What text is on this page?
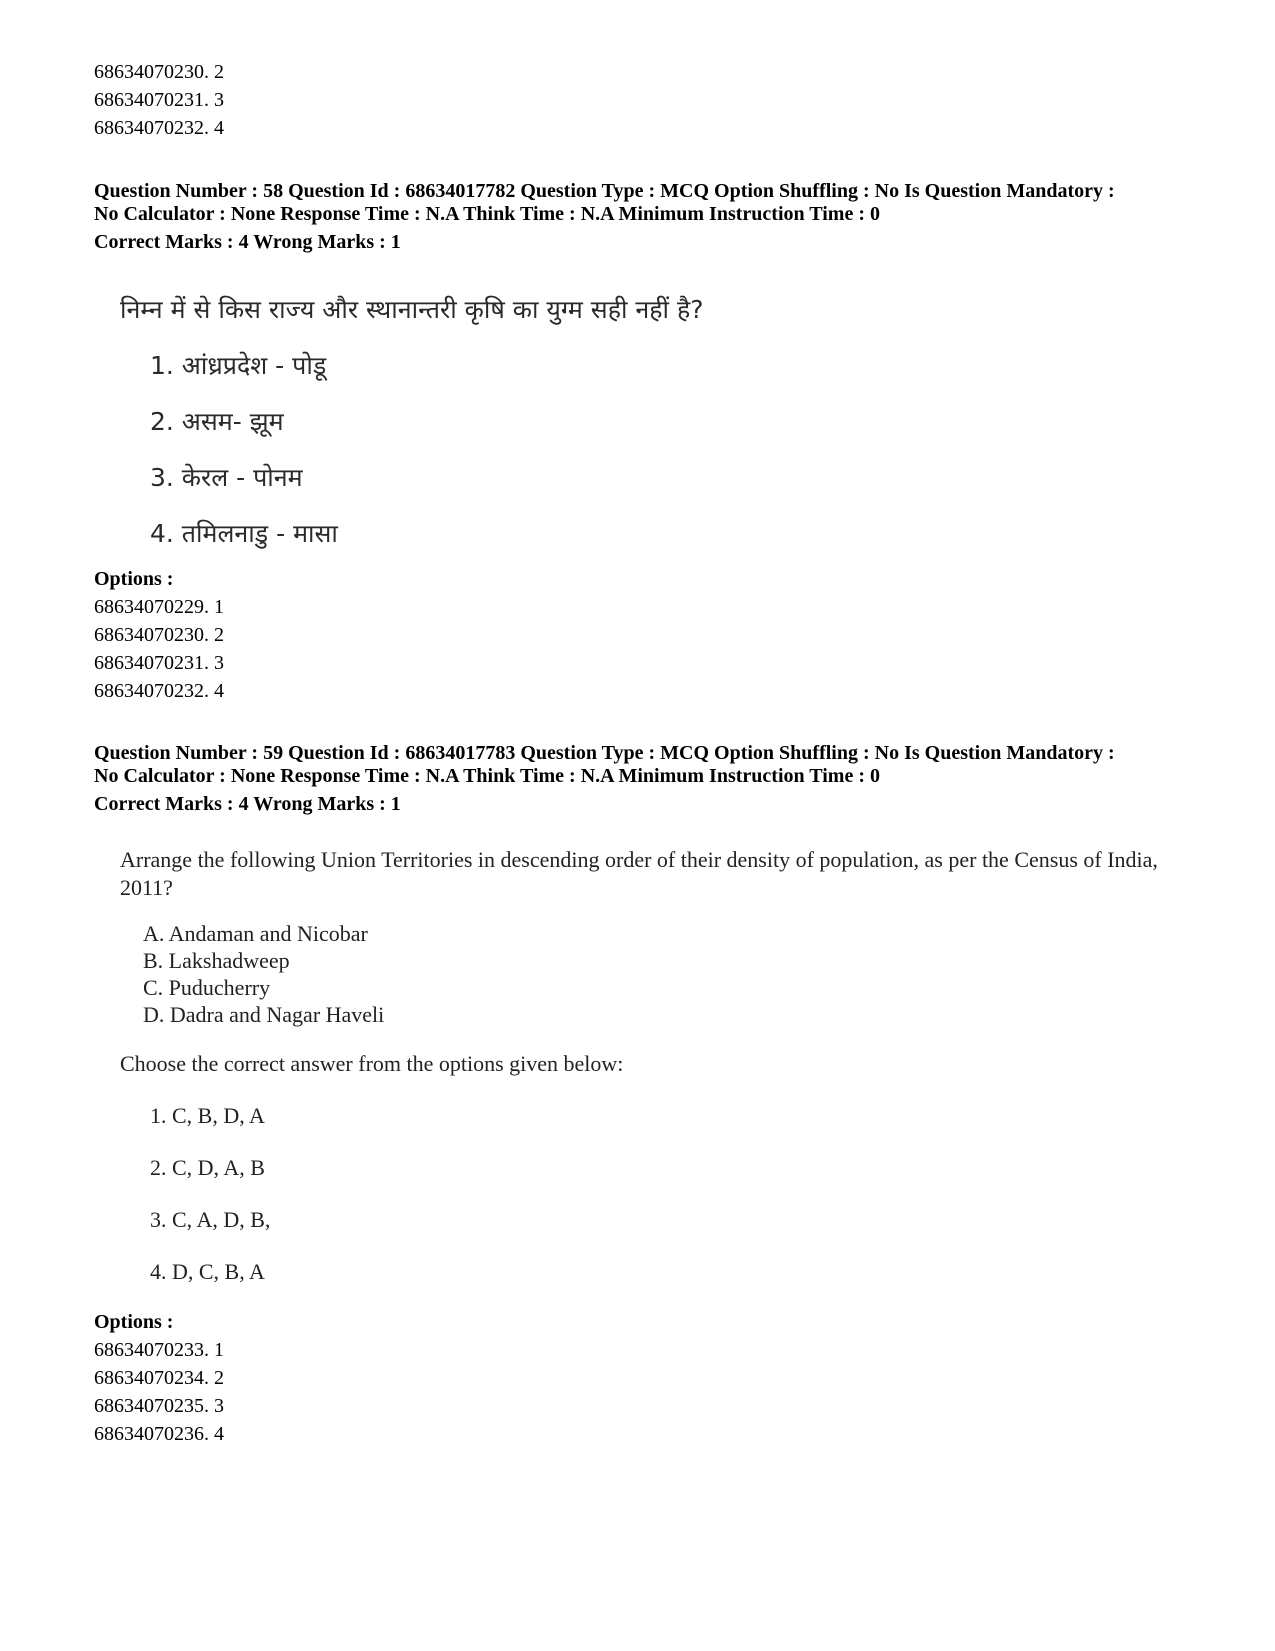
68634070230. 2
68634070231. 3
68634070232. 4
Question Number : 58 Question Id : 68634017782 Question Type : MCQ Option Shuffling : No Is Question Mandatory :
No Calculator : None Response Time : N.A Think Time : N.A Minimum Instruction Time : 0
Correct Marks : 4 Wrong Marks : 1
निम्न में से किस राज्य और स्थानान्तरी कृषि का युग्म सही नहीं है?
1. आंध्रप्रदेश - पोडू
2. असम- झूम
3. केरल - पोनम
4. तमिलनाडु - मासा
Options :
68634070229. 1
68634070230. 2
68634070231. 3
68634070232. 4
Question Number : 59 Question Id : 68634017783 Question Type : MCQ Option Shuffling : No Is Question Mandatory :
No Calculator : None Response Time : N.A Think Time : N.A Minimum Instruction Time : 0
Correct Marks : 4 Wrong Marks : 1
Arrange the following Union Territories in descending order of their density of population, as per the Census of India, 2011?
A. Andaman and Nicobar
B. Lakshadweep
C. Puducherry
D. Dadra and Nagar Haveli
Choose the correct answer from the options given below:
1. C, B, D, A
2. C, D, A, B
3. C, A, D, B,
4. D, C, B, A
Options :
68634070233. 1
68634070234. 2
68634070235. 3
68634070236. 4
